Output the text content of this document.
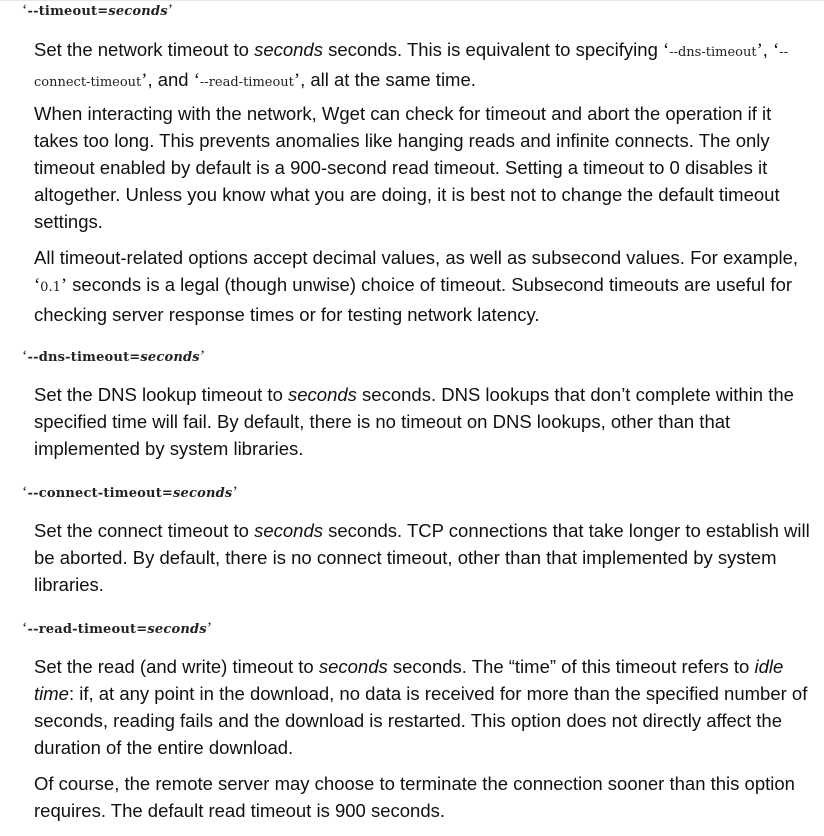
‘--timeout=seconds’
Set the network timeout to seconds seconds. This is equivalent to specifying ‘--dns-timeout’, ‘--connect-timeout’, and ‘--read-timeout’, all at the same time.
When interacting with the network, Wget can check for timeout and abort the operation if it takes too long. This prevents anomalies like hanging reads and infinite connects. The only timeout enabled by default is a 900-second read timeout. Setting a timeout to 0 disables it altogether. Unless you know what you are doing, it is best not to change the default timeout settings.
All timeout-related options accept decimal values, as well as subsecond values. For example, ‘0.1’ seconds is a legal (though unwise) choice of timeout. Subsecond timeouts are useful for checking server response times or for testing network latency.
‘--dns-timeout=seconds’
Set the DNS lookup timeout to seconds seconds. DNS lookups that don’t complete within the specified time will fail. By default, there is no timeout on DNS lookups, other than that implemented by system libraries.
‘--connect-timeout=seconds’
Set the connect timeout to seconds seconds. TCP connections that take longer to establish will be aborted. By default, there is no connect timeout, other than that implemented by system libraries.
‘--read-timeout=seconds’
Set the read (and write) timeout to seconds seconds. The “time” of this timeout refers to idle time: if, at any point in the download, no data is received for more than the specified number of seconds, reading fails and the download is restarted. This option does not directly affect the duration of the entire download.
Of course, the remote server may choose to terminate the connection sooner than this option requires. The default read timeout is 900 seconds.
